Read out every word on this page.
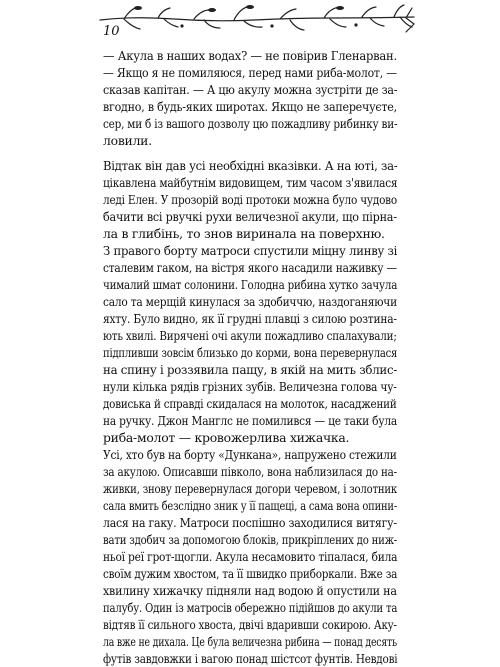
10
— Акула в наших водах? — не повірив Гленарван.
— Якщо я не помиляюся, перед нами риба-молот, —
сказав капітан. — А цю акулу можна зустріти де за-
вгодно, в будь-яких широтах. Якщо не заперечуєте,
сер, ми б із вашого дозволу цю пожадливу рибинку ви-
ловили.
Відтак він дав усі необхідні вказівки. А на юті, за-
цікавлена майбутнім видовищем, тим часом з'явилася
леді Елен. У прозорій воді протоки можна було чудово
бачити всі рвучкі рухи величезної акули, що пірна-
ла в глибінь, то знов виринала на поверхню.
З правого борту матроси спустили міцну линву зі
сталевим гаком, на вістря якого насадили наживку —
чималий шмат солонини. Голодна рибина хутко зачула
сало та мерщій кинулася за здобиччю, наздоганяючи
яхту. Було видно, як її грудні плавці з силою розтина-
ють хвилі. Вирячені очі акули пожадливо спалахували;
підпливши зовсім близько до корми, вона перевернулася
на спину і роззявила пащу, в якій на мить зблис-
нули кілька рядів грізних зубів. Величезна голова чу-
довиська й справді скидалася на молоток, насаджений
на ручку. Джон Манглс не помилився — це таки була
риба-молот — кровожерлива хижачка.
Усі, хто був на борту «Дункана», напружено стежили
за акулою. Описавши півколо, вона наблизилася до на-
живки, знову перевернулася догори черевом, і золотник
сала вмить безслідно зник у її пащеці, а сама вона опини-
лася на гаку. Матроси поспішно заходилися витягу-
вати здобич за допомогою блоків, прикріплених до ниж-
ньої реї грот-щогли. Акула несамовито тіпалася, била
своїм дужим хвостом, та її швидко приборкали. Вже за
хвилину хижачку підняли над водою й опустили на
палубу. Один із матросів обережно підійшов до акули та
відтяв її сильного хвоста, двічі вдаривши сокирою. Аку-
ла вже не дихала. Це була величезна рибина — понад десять
футів завдовжки і вагою понад шістсот фунтів. Невдові
